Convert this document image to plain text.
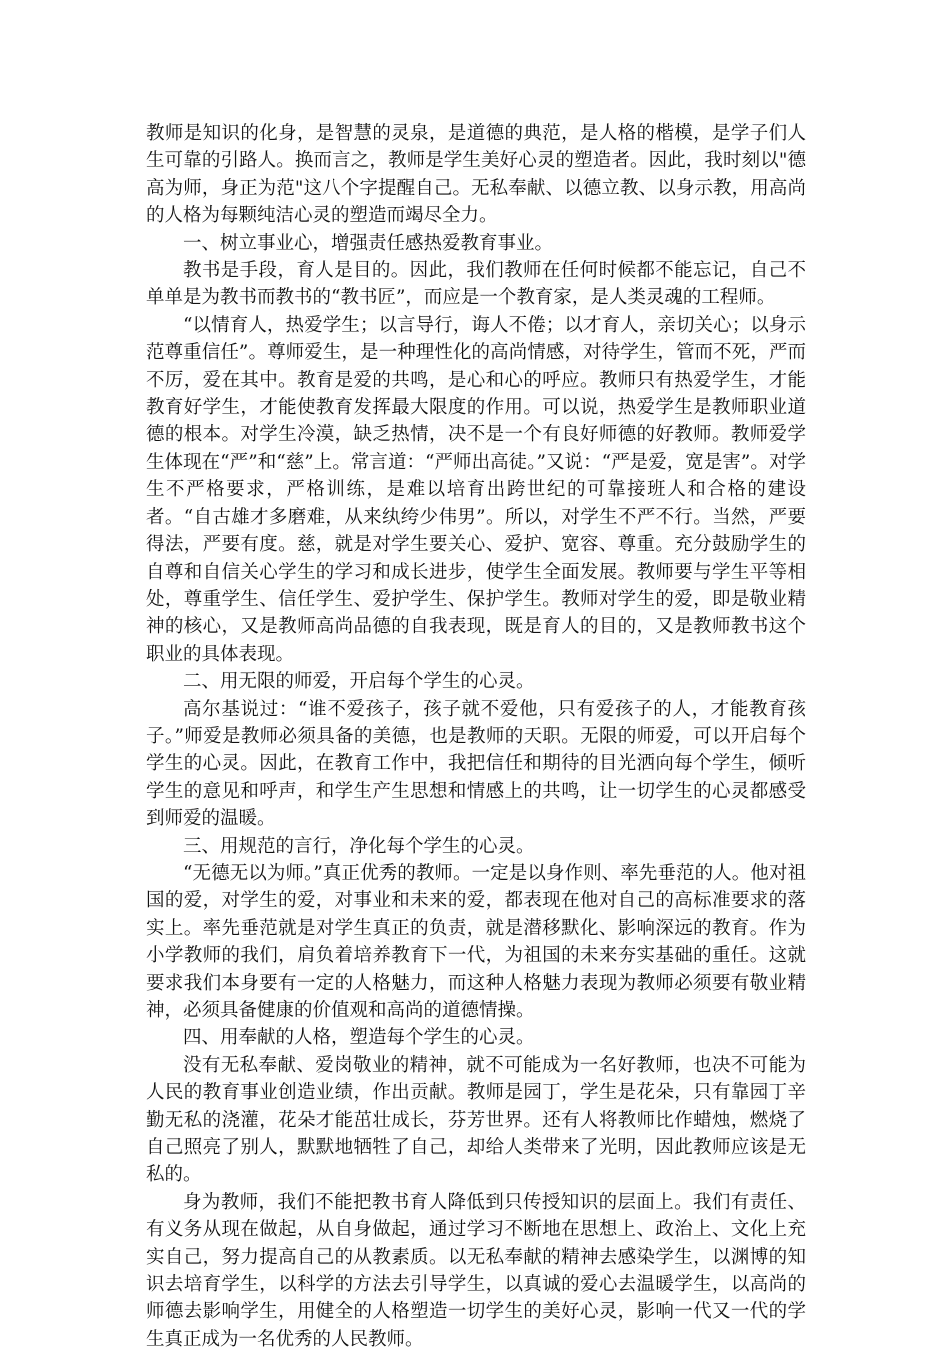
教师是知识的化身，是智慧的灵泉，是道德的典范，是人格的楷模，是学子们人生可靠的引路人。换而言之，教师是学生美好心灵的塑造者。因此，我时刻以"德高为师，身正为范"这八个字提醒自己。无私奉献、以德立教、以身示教，用高尚的人格为每颗纯洁心灵的塑造而竭尽全力。

一、树立事业心，增强责任感热爱教育事业。

教书是手段，育人是目的。因此，我们教师在任何时候都不能忘记，自己不单单是为教书而教书的“教书匠”，而应是一个教育家，是人类灵魂的工程师。

“以情育人，热爱学生；以言导行，诲人不倦；以才育人，亲切关心；以身示范尊重信任”。尊师爱生，是一种理性化的高尚情感，对待学生，管而不死，严而不厉，爱在其中。教育是爱的共鸣，是心和心的呼应。教师只有热爱学生，才能教育好学生，才能使教育发挥最大限度的作用。可以说，热爱学生是教师职业道德的根本。对学生冷漠，缺乏热情，决不是一个有良好师德的好教师。教师爱学生体现在“严”和“慈”上。常言道：“严师出高徒。”又说：“严是爱，宽是害”。对学生不严格要求，严格训练，是难以培育出跨世纪的可靠接班人和合格的建设者。“自古雄才多磨难，从来纨绔少伟男”。所以，对学生不严不行。当然，严要得法，严要有度。慈，就是对学生要关心、爱护、宽容、尊重。充分鼓励学生的自尊和自信关心学生的学习和成长进步，使学生全面发展。教师要与学生平等相处，尊重学生、信任学生、爱护学生、保护学生。教师对学生的爱，即是敬业精神的核心，又是教师高尚品德的自我表现，既是育人的目的，又是教师教书这个职业的具体表现。

二、用无限的师爱，开启每个学生的心灵。

高尔基说过：“谁不爱孩子，孩子就不爱他，只有爱孩子的人，才能教育孩子。”师爱是教师必须具备的美德，也是教师的天职。无限的师爱，可以开启每个学生的心灵。因此，在教育工作中，我把信任和期待的目光洒向每个学生，倾听学生的意见和呼声，和学生产生思想和情感上的共鸣，让一切学生的心灵都感受到师爱的温暖。

三、用规范的言行，净化每个学生的心灵。

“无德无以为师。”真正优秀的教师。一定是以身作则、率先垂范的人。他对祖国的爱，对学生的爱，对事业和未来的爱，都表现在他对自己的高标准要求的落实上。率先垂范就是对学生真正的负责，就是潜移默化、影响深远的教育。作为小学教师的我们，肩负着培养教育下一代，为祖国的未来夯实基础的重任。这就要求我们本身要有一定的人格魅力，而这种人格魅力表现为教师必须要有敬业精神，必须具备健康的价值观和高尚的道德情操。

四、用奉献的人格，塑造每个学生的心灵。

没有无私奉献、爱岗敬业的精神，就不可能成为一名好教师，也决不可能为人民的教育事业创造业绩，作出贡献。教师是园丁，学生是花朵，只有靠园丁辛勤无私的浇灌，花朵才能茁壮成长，芬芳世界。还有人将教师比作蜡烛，燃烧了自己照亮了别人，默默地牺牲了自己，却给人类带来了光明，因此教师应该是无私的。

身为教师，我们不能把教书育人降低到只传授知识的层面上。我们有责任、有义务从现在做起，从自身做起，通过学习不断地在思想上、政治上、文化上充实自己，努力提高自己的从教素质。以无私奉献的精神去感染学生，以渊博的知识去培育学生，以科学的方法去引导学生，以真诚的爱心去温暖学生，以高尚的师德去影响学生，用健全的人格塑造一切学生的美好心灵，影响一代又一代的学生真正成为一名优秀的人民教师。
